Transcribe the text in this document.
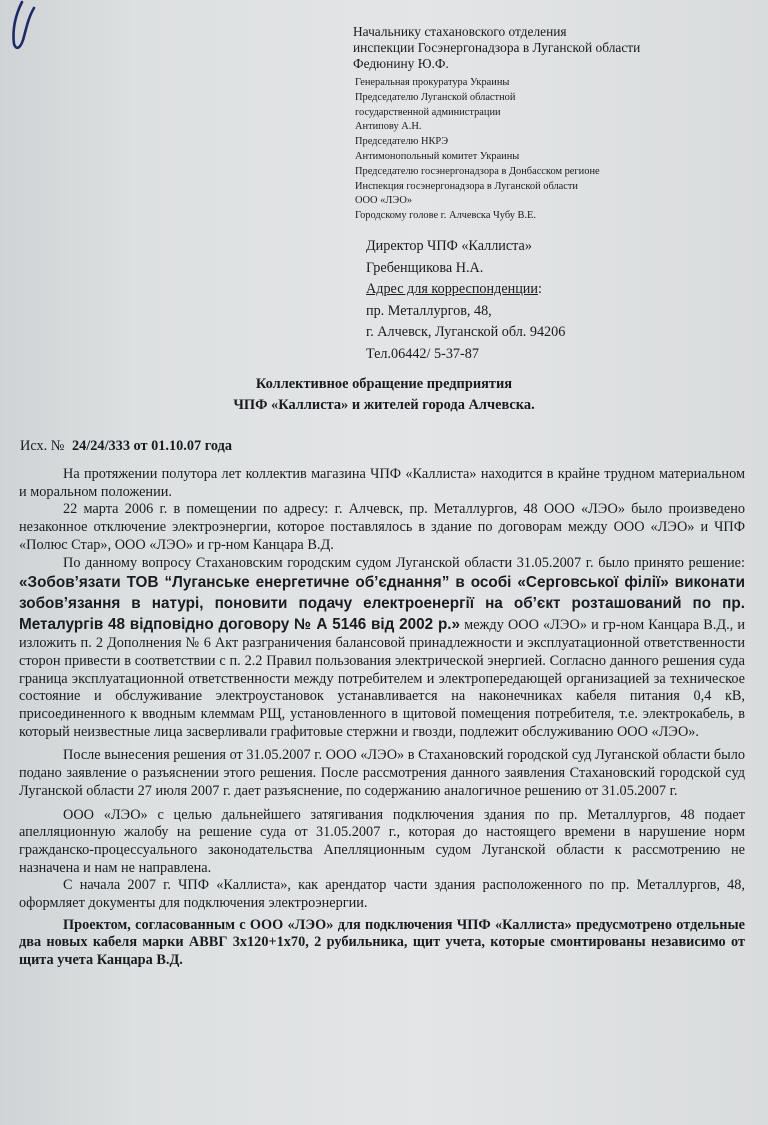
Начальнику стахановского отделения

инспекции Госэнергонадзора в Луганской области

Федюнину Ю.Ф.

Генеральная прокуратура Украины
Председателю Луганской областной
государственной администрации
Антипову А.Н.
Председателю НКРЭ
Антимонопольный комитет Украины
Председателю госэнергонадзора в Донбасском регионе
Инспекция госэнергонадзора в Луганской области
ООО «ЛЭО»
Городскому голове г. Алчевска Чубу В.Е.
Директор ЧПФ «Каллиста»
Гребенщикова Н.А.
Адрес для корреспонденции:
пр. Металлургов, 48,
г. Алчевск, Луганской обл. 94206
Тел.06442/ 5-37-87
Коллективное обращение предприятия
ЧПФ «Каллиста» и жителей города Алчевска.
Исх. № 24/24/333 от 01.10.07 года

На протяжении полутора лет коллектив магазина ЧПФ «Каллиста» находится в крайне трудном материальном и моральном положении.

22 марта 2006 г. в помещении по адресу: г. Алчевск, пр. Металлургов, 48 ООО «ЛЭО» было произведено незаконное отключение электроэнергии, которое поставлялось в здание по договорам между ООО «ЛЭО» и ЧПФ «Полюс Стар», ООО «ЛЭО» и гр-ном Канцара В.Д.

По данному вопросу Стахановским городским судом Луганской области 31.05.2007 г. было принято решение: «Зобов’язати ТОВ “Луганське енергетичне об’єднання” в особі «Серговської філії» виконати зобов’язання в натурі, поновити подачу електроенергії на об’єкт розташований по пр. Металургів 48 відповідно договору № А 5146 від 2002 р.» между ООО «ЛЭО» и гр-ном Канцара В.Д., и изложить п. 2 Дополнения № 6 Акт разграничения балансовой принадлежности и эксплуатационной ответственности сторон привести в соответствии с п. 2.2 Правил пользования электрической энергией. Согласно данного решения суда граница эксплуатационной ответственности между потребителем и электропередающей организацией за техническое состояние и обслуживание электроустановок устанавливается на наконечниках кабеля питания 0,4 кВ, присоединенного к вводным клеммам РЩ, установленного в щитовой помещения потребителя, т.е. электрокабель, в который неизвестные лица засверливали графитовые стержни и гвозди, подлежит обслуживанию ООО «ЛЭО».

После вынесения решения от 31.05.2007 г. ООО «ЛЭО» в Стахановский городской суд Луганской области было подано заявление о разъяснении этого решения. После рассмотрения данного заявления Стахановский городской суд Луганской области 27 июля 2007 г. дает разъяснение, по содержанию аналогичное решению от 31.05.2007 г.

ООО «ЛЭО» с целью дальнейшего затягивания подключения здания по пр. Металлургов, 48 подает апелляционную жалобу на решение суда от 31.05.2007 г., которая до настоящего времени в нарушение норм гражданско-процессуального законодательства Апелляционным судом Луганской области к рассмотрению не назначена и нам не направлена.

С начала 2007 г. ЧПФ «Каллиста», как арендатор части здания расположенного по пр. Металлургов, 48, оформляет документы для подключения электроэнергии.

Проектом, согласованным с ООО «ЛЭО» для подключения ЧПФ «Каллиста» предусмотрено отдельные два новых кабеля марки АВВГ 3х120+1х70, 2 рубильника, щит учета, которые смонтированы независимо от щита учета Канцара В.Д.
